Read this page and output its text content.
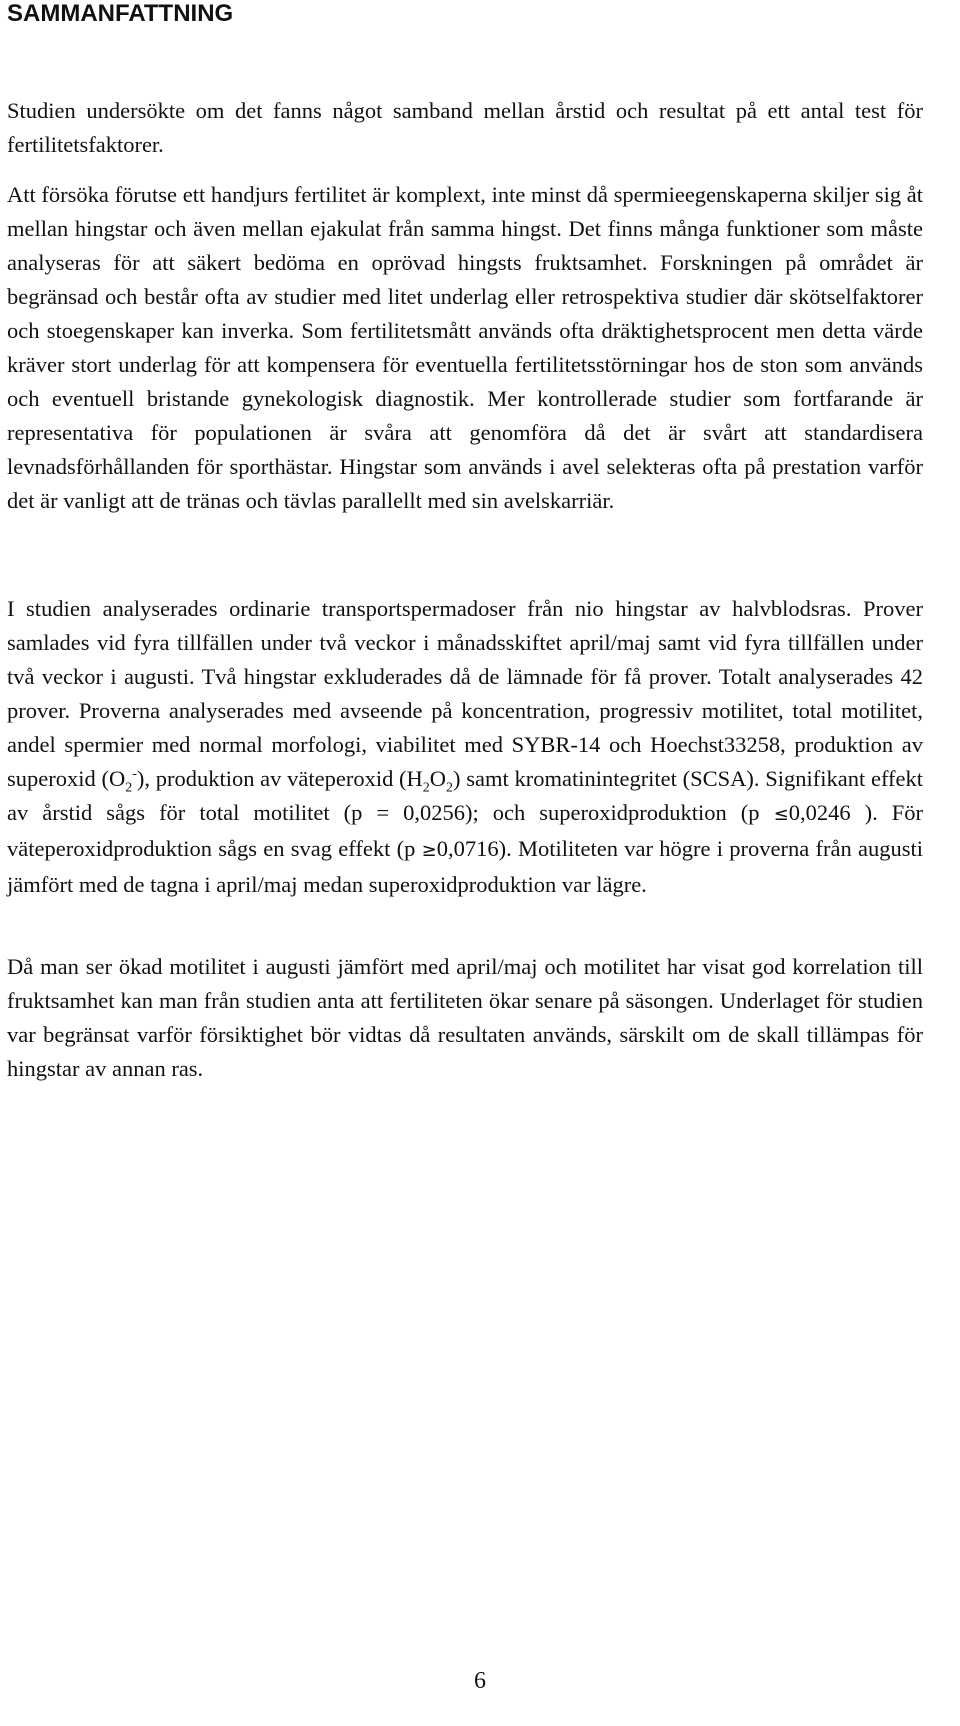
SAMMANFATTNING

Studien undersökte om det fanns något samband mellan årstid och resultat på ett antal test för fertilitetsfaktorer.

Att försöka förutse ett handjurs fertilitet är komplext, inte minst då spermieegenskaperna skiljer sig åt mellan hingstar och även mellan ejakulat från samma hingst. Det finns många funktioner som måste analyseras för att säkert bedöma en oprövad hingsts fruktsamhet. Forskningen på området är begränsad och består ofta av studier med litet underlag eller retrospektiva studier där skötselfaktorer och stoegenskaper kan inverka. Som fertilitetsmått används ofta dräktighetsprocent men detta värde kräver stort underlag för att kompensera för eventuella fertilitetsstörningar hos de ston som används och eventuell bristande gynekologisk diagnostik. Mer kontrollerade studier som fortfarande är representativa för populationen är svåra att genomföra då det är svårt att standardisera levnadsförhållanden för sporthästar. Hingstar som används i avel selekteras ofta på prestation varför det är vanligt att de tränas och tävlas parallellt med sin avelskarriär.

I studien analyserades ordinarie transportspermadoser från nio hingstar av halvblodsras. Prover samlades vid fyra tillfällen under två veckor i månadsskiftet april/maj samt vid fyra tillfällen under två veckor i augusti. Två hingstar exkluderades då de lämnade för få prover. Totalt analyserades 42 prover. Proverna analyserades med avseende på koncentration, progressiv motilitet, total motilitet, andel spermier med normal morfologi, viabilitet med SYBR-14 och Hoechst33258, produktion av superoxid $(O_2^-)$, produktion av väteperoxid $(H_2O_2)$ samt kromatinintegritet (SCSA). Signifikant effekt av årstid sågs för total motilitet (p = 0,0256); och superoxidproduktion (p ≤0,0246 ). För väteperoxidproduktion sågs en svag effekt (p ≥0,0716). Motiliteten var högre i proverna från augusti jämfört med de tagna i april/maj medan superoxidproduktion var lägre.

Då man ser ökad motilitet i augusti jämfört med april/maj och motilitet har visat god korrelation till fruktsamhet kan man från studien anta att fertiliteten ökar senare på säsongen. Underlaget för studien var begränsat varför försiktighet bör vidtas då resultaten används, särskilt om de skall tillämpas för hingstar av annan ras.

6
